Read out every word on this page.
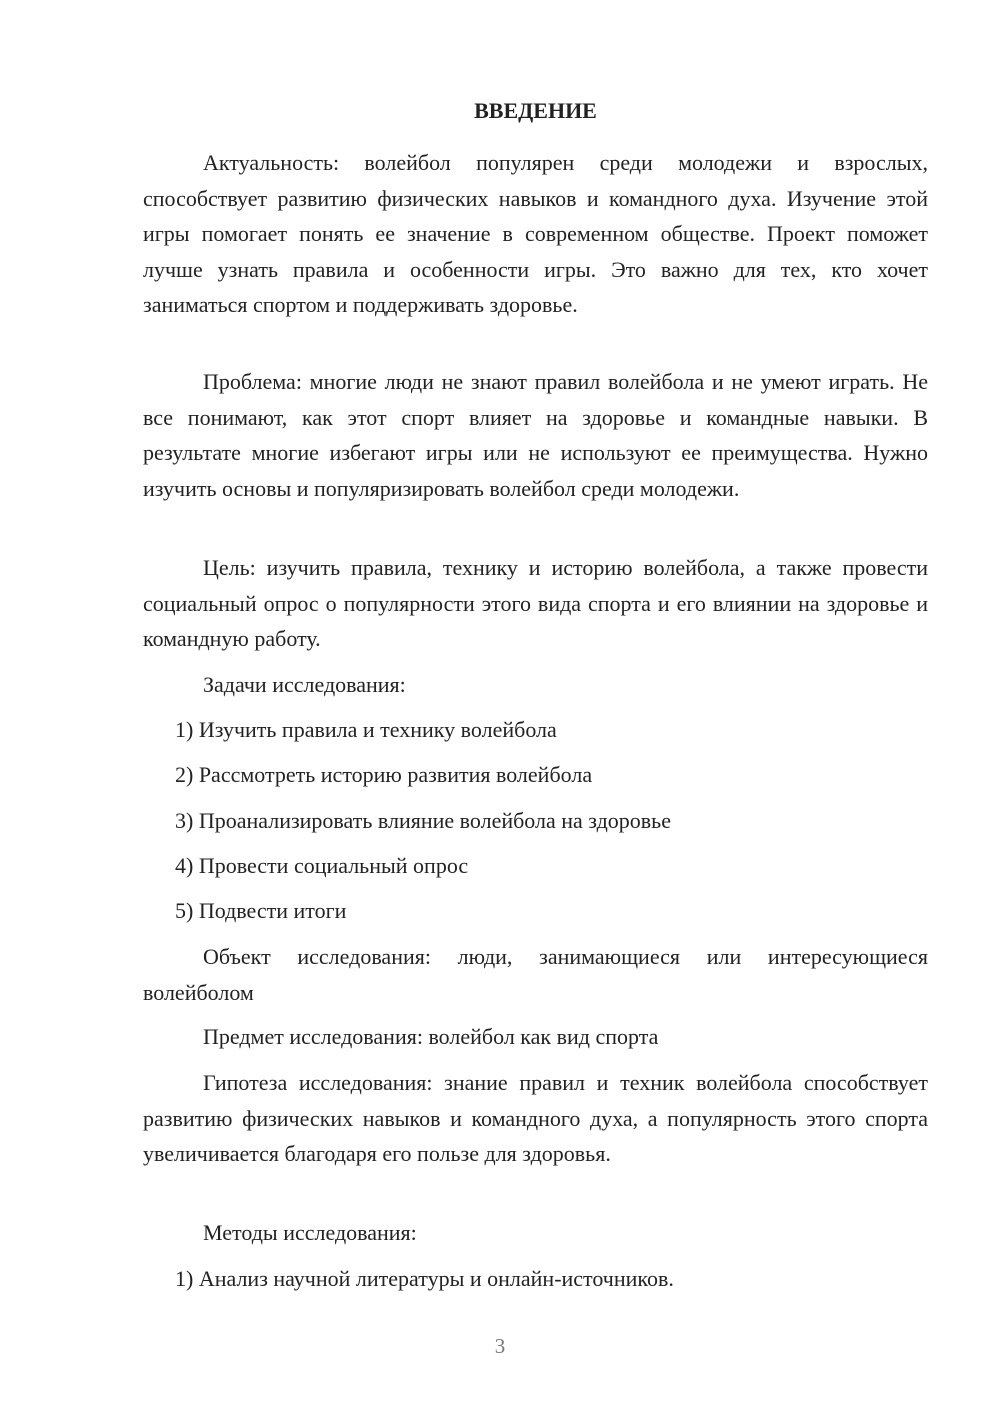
ВВЕДЕНИЕ

Актуальность: волейбол популярен среди молодежи и взрослых, способствует развитию физических навыков и командного духа. Изучение этой игры помогает понять ее значение в современном обществе. Проект поможет лучше узнать правила и особенности игры. Это важно для тех, кто хочет заниматься спортом и поддерживать здоровье.

Проблема: многие люди не знают правил волейбола и не умеют играть. Не все понимают, как этот спорт влияет на здоровье и командные навыки. В результате многие избегают игры или не используют ее преимущества. Нужно изучить основы и популяризировать волейбол среди молодежи.

Цель: изучить правила, технику и историю волейбола, а также провести социальный опрос о популярности этого вида спорта и его влиянии на здоровье и командную работу.

Задачи исследования:

1) Изучить правила и технику волейбола

2) Рассмотреть историю развития волейбола

3) Проанализировать влияние волейбола на здоровье

4) Провести социальный опрос

5) Подвести итоги

Объект исследования: люди, занимающиеся или интересующиеся волейболом

Предмет исследования: волейбол как вид спорта

Гипотеза исследования: знание правил и техник волейбола способствует развитию физических навыков и командного духа, а популярность этого спорта увеличивается благодаря его пользе для здоровья.

Методы исследования:

1) Анализ научной литературы и онлайн-источников.

3
